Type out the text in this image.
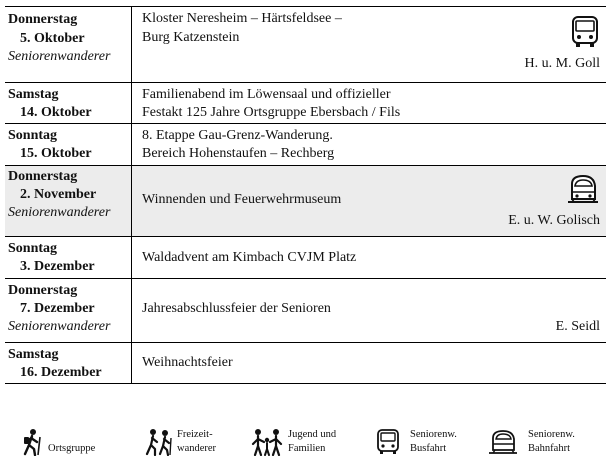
Donnerstag
5. Oktober
Seniorenwanderer
Kloster Neresheim – Härtsfeldsee –
Burg Katzenstein
H. u. M. Goll
Samstag
14. Oktober
Familienabend im Löwensaal und offizieller
Festakt 125 Jahre Ortsgruppe Ebersbach / Fils
Sonntag
15. Oktober
8. Etappe Gau-Grenz-Wanderung.
Bereich Hohenstaufen – Rechberg
Donnerstag
2. November
Seniorenwanderer
Winnenden und Feuerwehrmuseum
E. u. W. Golisch
Sonntag
3. Dezember
Waldadvent am Kimbach CVJM Platz
Donnerstag
7. Dezember
Seniorenwanderer
Jahresabschlussfeier der Senioren
E. Seidl
Samstag
16. Dezember
Weihnachtsfeier
Ortsgruppe
Freizeit-
wanderer
Jugend und
Familien
Seniorenw.
Busfahrt
Seniorenw.
Bahnfahrt
